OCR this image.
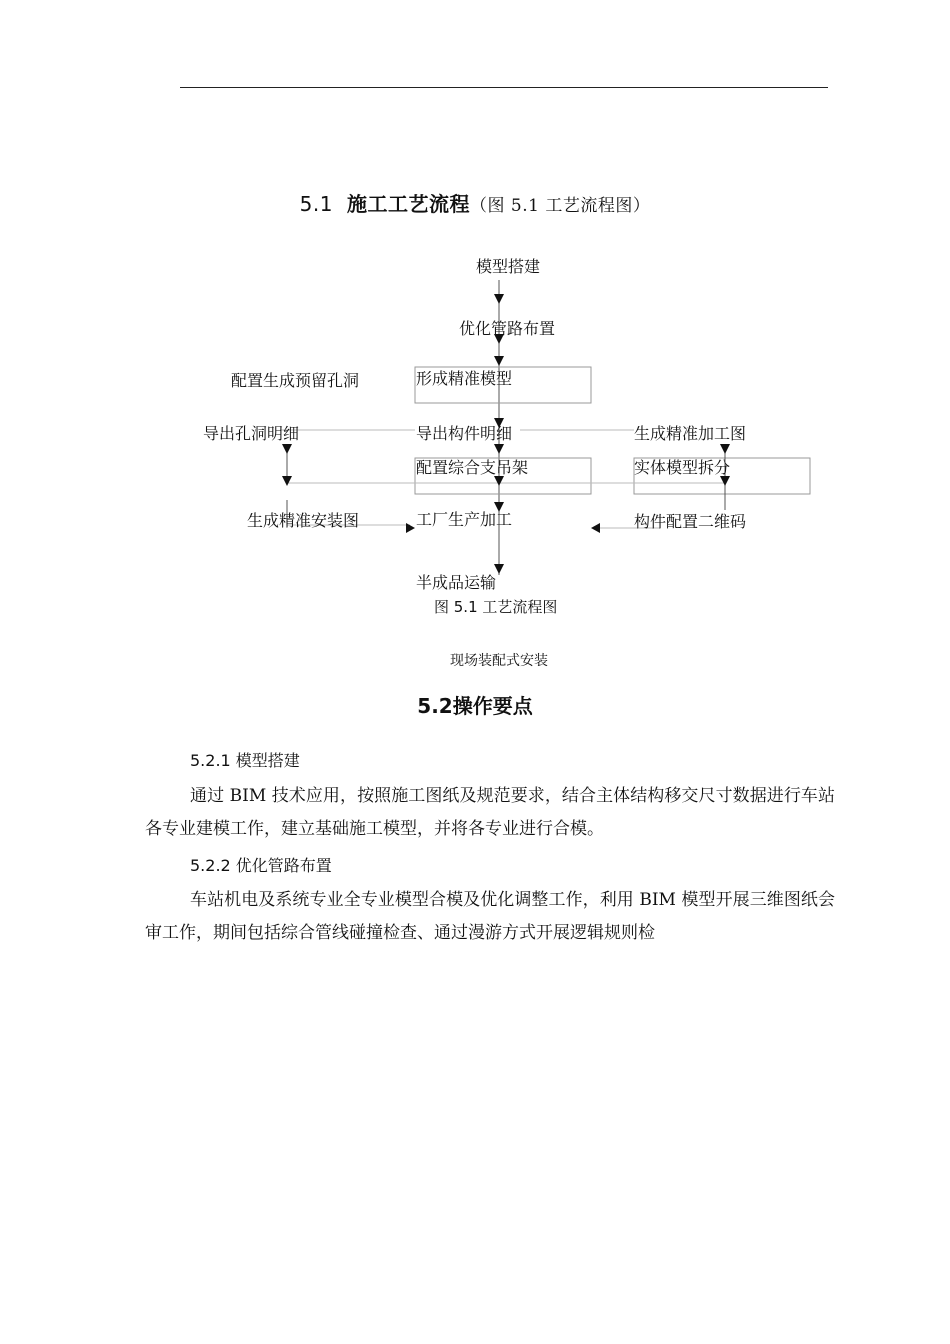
5.1 施工工艺流程（图 5.1 工艺流程图）
模型搭建
优化管路布置
形成精准模型
配置生成预留孔洞
导出孔洞明细	导出构件明细	生成精准加工图
配置综合支吊架	实体模型拆分
生成精准安装图	工厂生产加工	构件配置二维码
半成品运输
图 5.1 工艺流程图
现场装配式安装
5.2操作要点
5.2.1 模型搭建
通过 BIM 技术应用，按照施工图纸及规范要求，结合主体结构移交尺寸数据进行车站各专业建模工作，建立基础施工模型，并将各专业进行合模。
5.2.2 优化管路布置
车站机电及系统专业全专业模型合模及优化调整工作，利用 BIM 模型开展三维图纸会审工作，期间包括综合管线碰撞检查、通过漫游方式开展逻辑规则检
